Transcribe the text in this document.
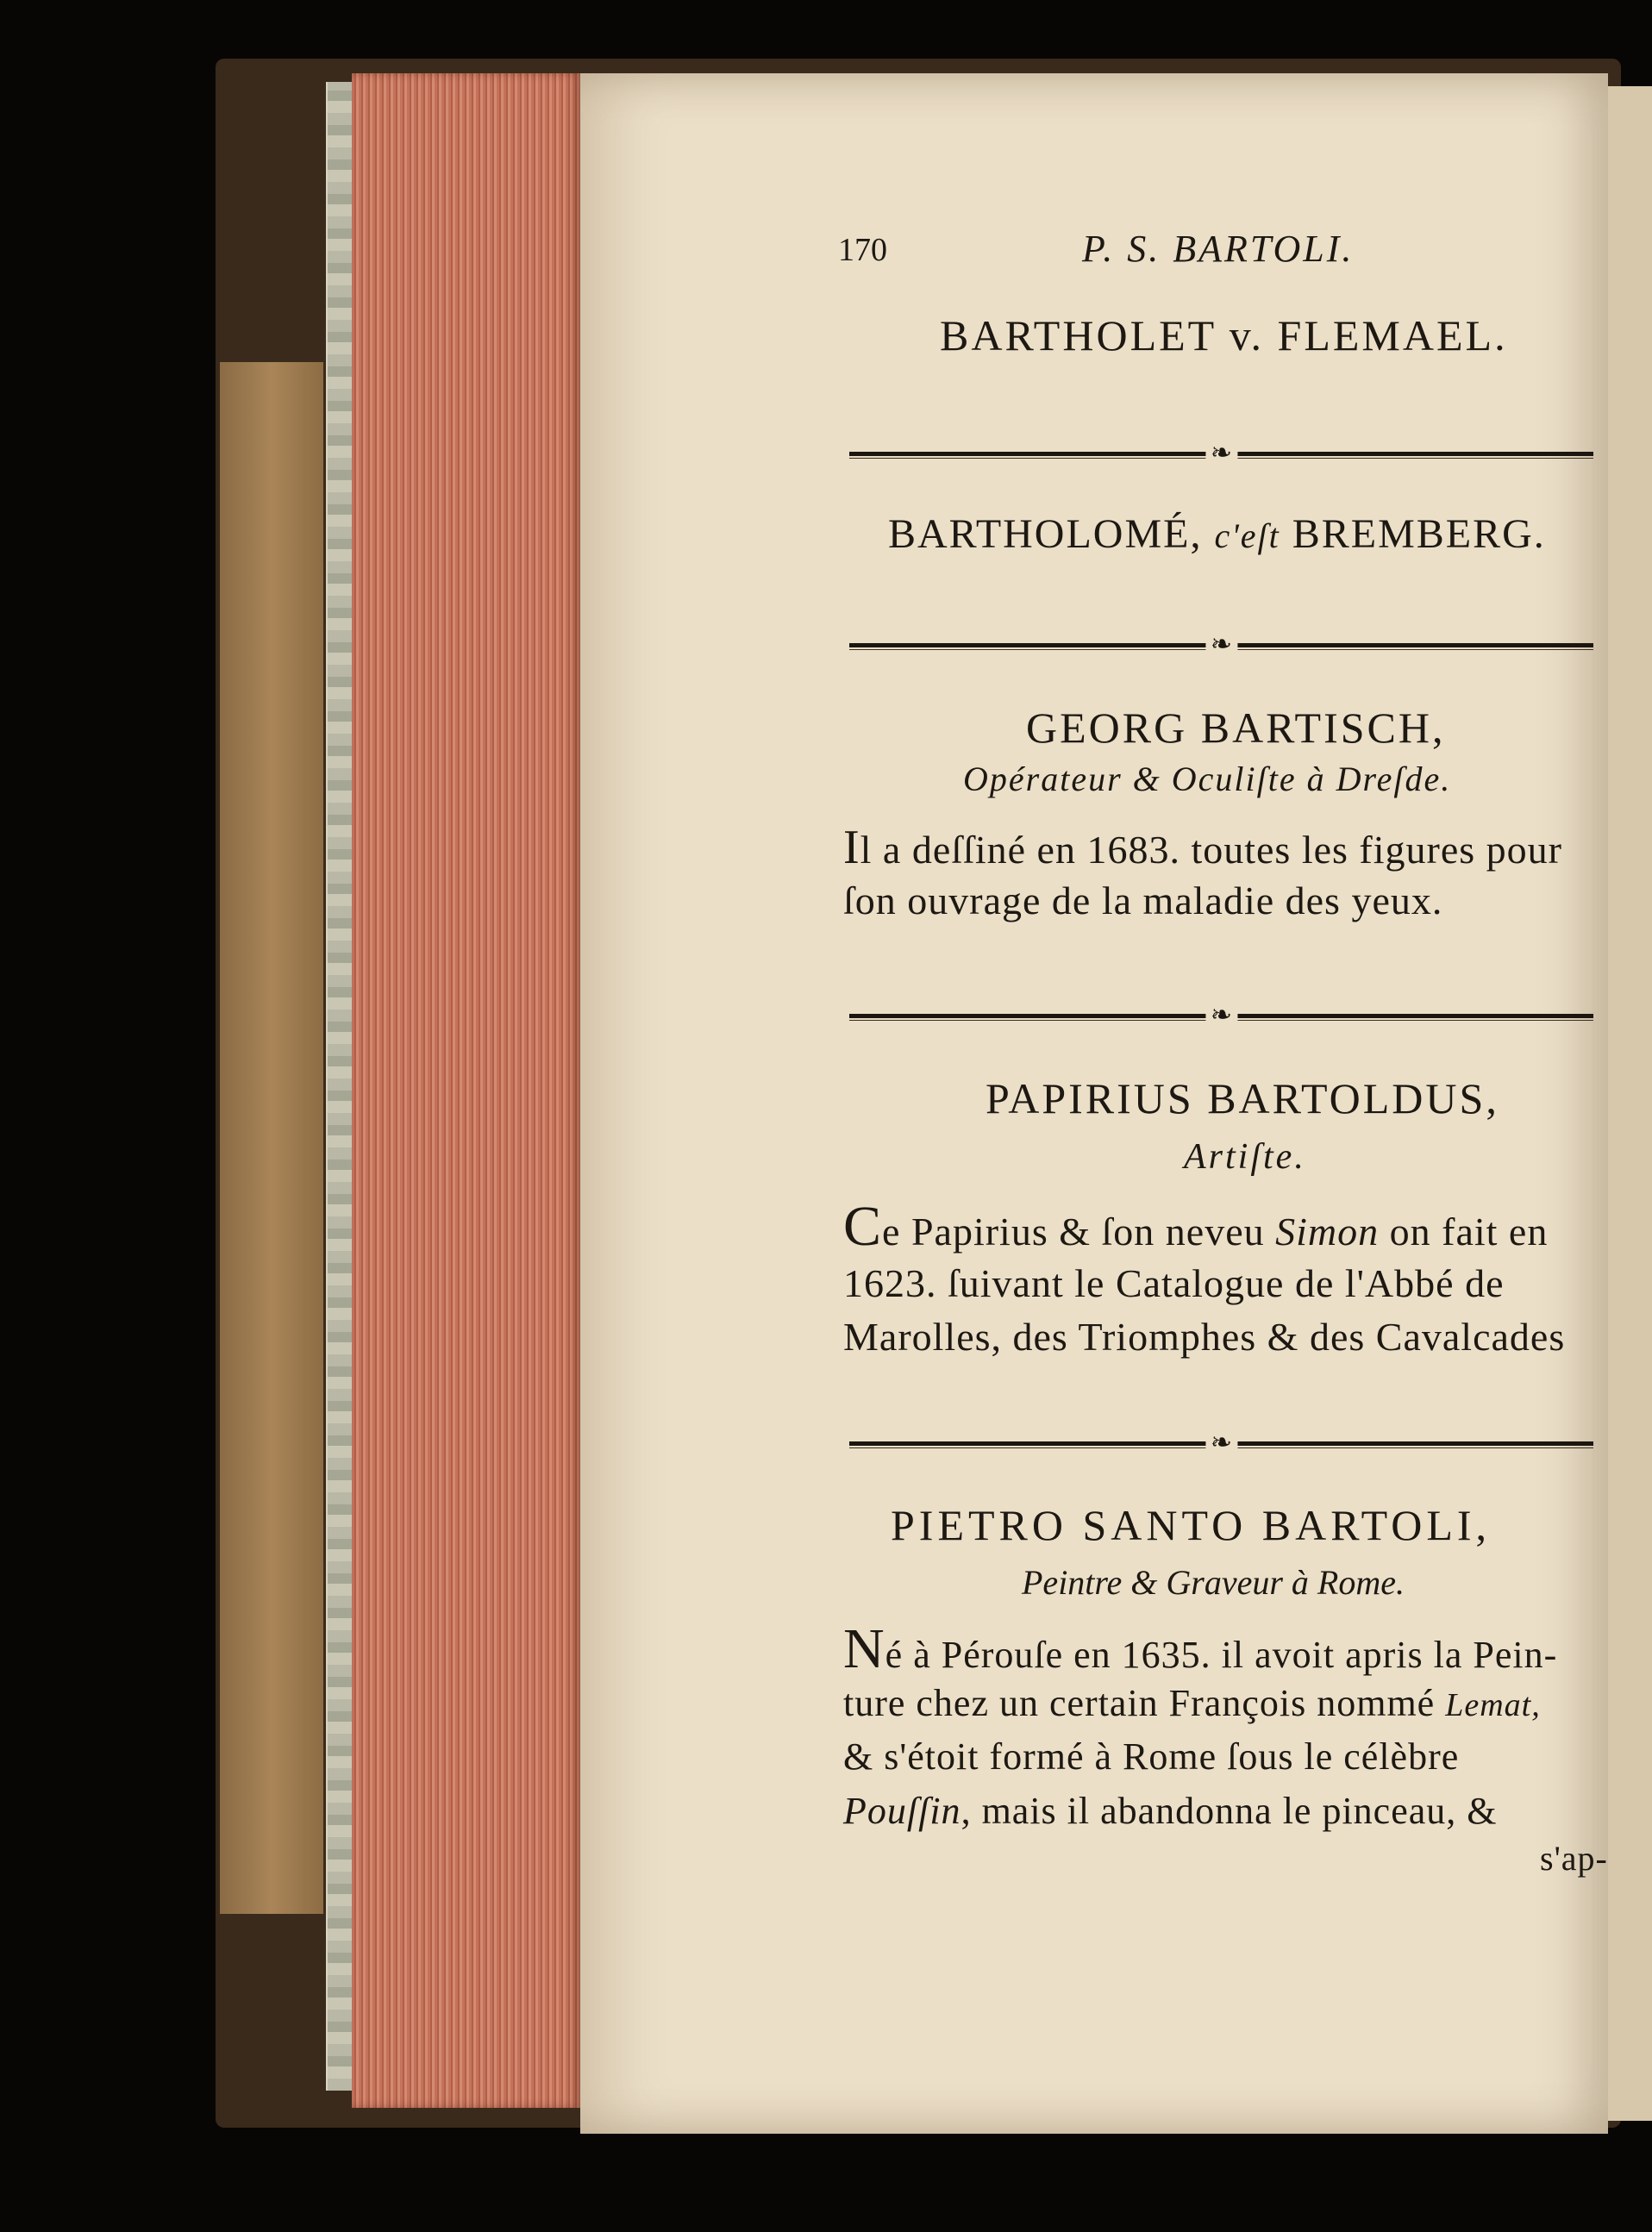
170	P. S. BARTOLI.
BARTHOLET v. FLEMAEL.
❧
BARTHOLOMÉ, c'eſt BREMBERG.
❧
GEORG BARTISCH,
Opérateur & Oculiſte à Dreſde.
Il a deſſiné en 1683. toutes les figures pour
ſon ouvrage de la maladie des yeux.
❧
PAPIRIUS BARTOLDUS,
Artiſte.
Ce Papirius & ſon neveu Simon on fait en
1623. ſuivant le Catalogue de l'Abbé de
Marolles, des Triomphes & des Cavalcades
❧
PIETRO SANTO BARTOLI,
Peintre & Graveur à Rome.
Né à Pérouſe en 1635. il avoit apris la Pein-
ture chez un certain François nommé Lemat,
& s'étoit formé à Rome ſous le célèbre
Pouſſin, mais il abandonna le pinceau, &
s'ap-
